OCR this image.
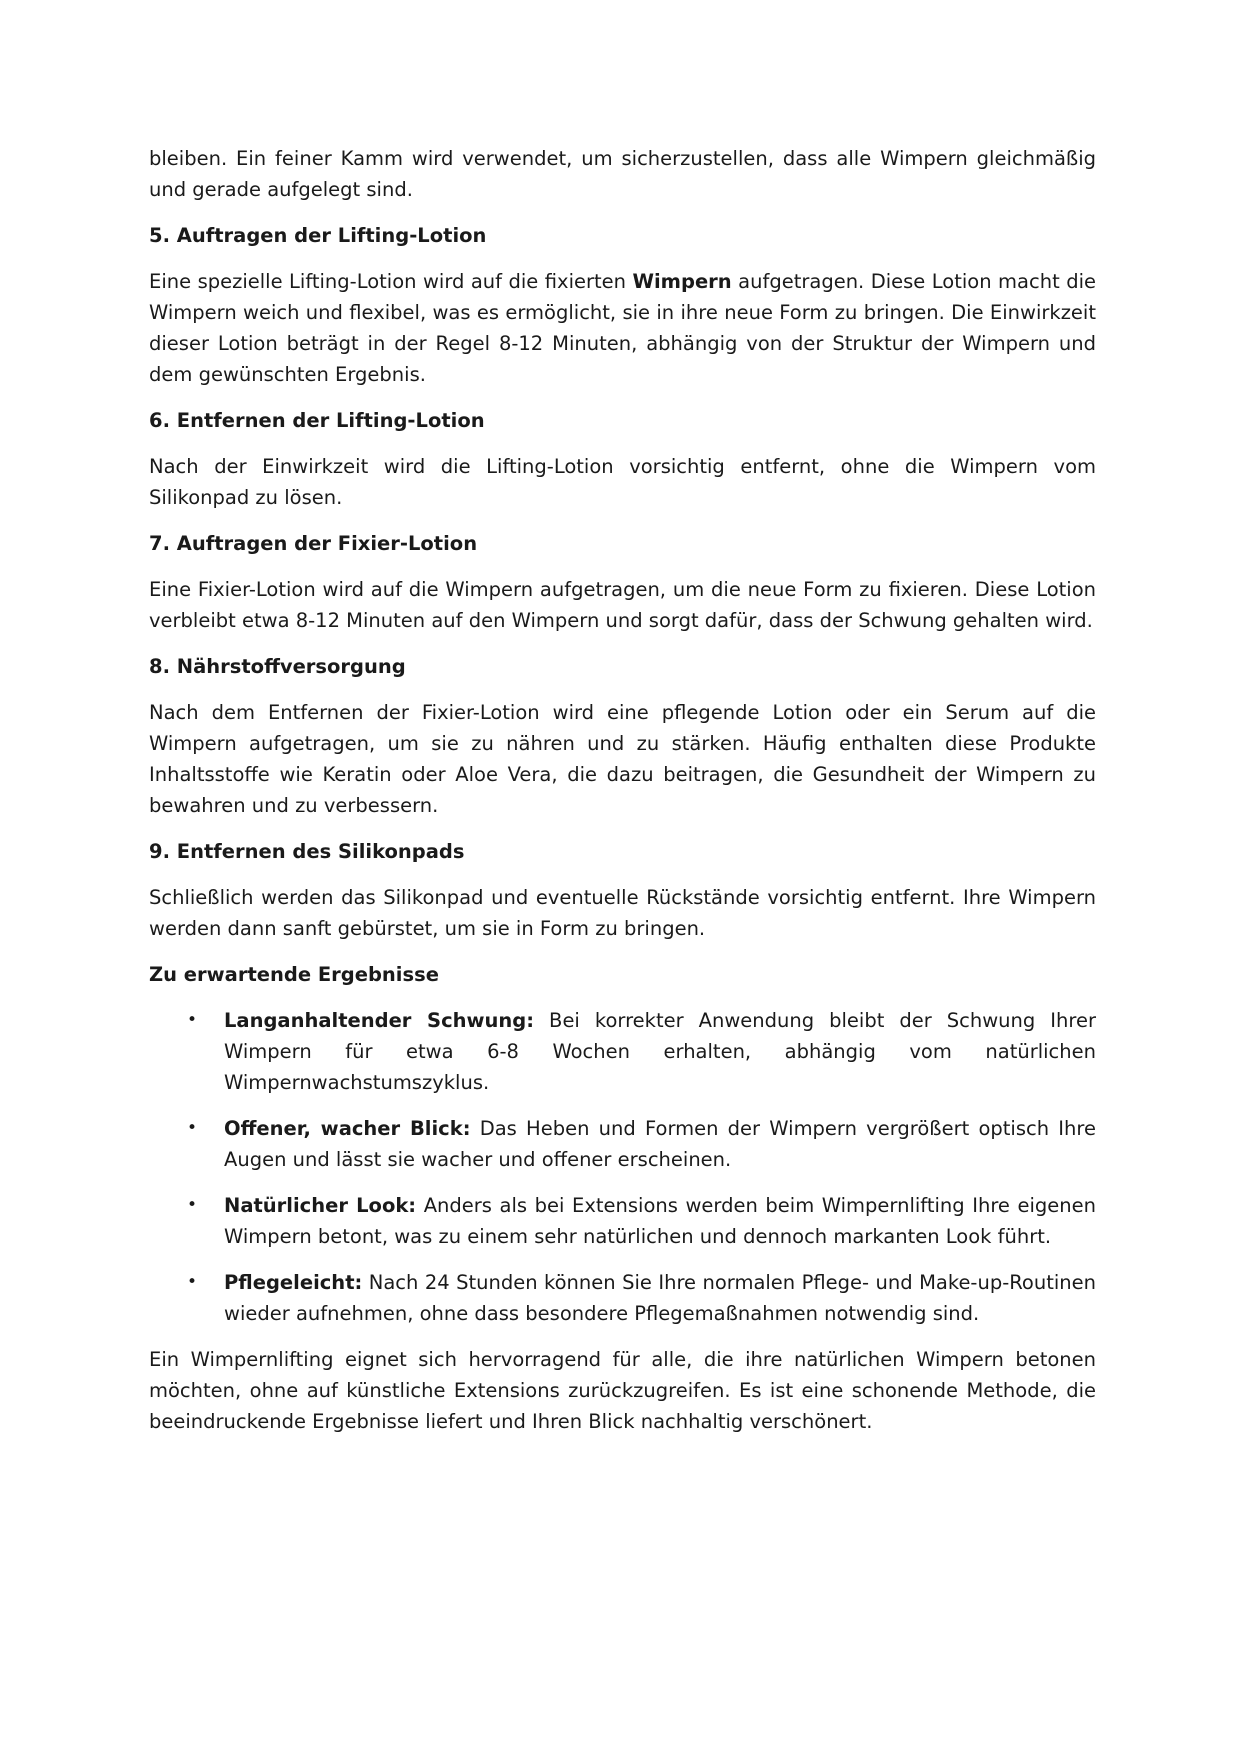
bleiben. Ein feiner Kamm wird verwendet, um sicherzustellen, dass alle Wimpern gleichmäßig und gerade aufgelegt sind.

5. Auftragen der Lifting-Lotion

Eine spezielle Lifting-Lotion wird auf die fixierten Wimpern aufgetragen. Diese Lotion macht die Wimpern weich und flexibel, was es ermöglicht, sie in ihre neue Form zu bringen. Die Einwirkzeit dieser Lotion beträgt in der Regel 8-12 Minuten, abhängig von der Struktur der Wimpern und dem gewünschten Ergebnis.

6. Entfernen der Lifting-Lotion

Nach der Einwirkzeit wird die Lifting-Lotion vorsichtig entfernt, ohne die Wimpern vom Silikonpad zu lösen.

7. Auftragen der Fixier-Lotion

Eine Fixier-Lotion wird auf die Wimpern aufgetragen, um die neue Form zu fixieren. Diese Lotion verbleibt etwa 8-12 Minuten auf den Wimpern und sorgt dafür, dass der Schwung gehalten wird.

8. Nährstoffversorgung

Nach dem Entfernen der Fixier-Lotion wird eine pflegende Lotion oder ein Serum auf die Wimpern aufgetragen, um sie zu nähren und zu stärken. Häufig enthalten diese Produkte Inhaltsstoffe wie Keratin oder Aloe Vera, die dazu beitragen, die Gesundheit der Wimpern zu bewahren und zu verbessern.

9. Entfernen des Silikonpads

Schließlich werden das Silikonpad und eventuelle Rückstände vorsichtig entfernt. Ihre Wimpern werden dann sanft gebürstet, um sie in Form zu bringen.

Zu erwartende Ergebnisse
• Langanhaltender Schwung: Bei korrekter Anwendung bleibt der Schwung Ihrer Wimpern für etwa 6-8 Wochen erhalten, abhängig vom natürlichen Wimpernwachstumszyklus.
• Offener, wacher Blick: Das Heben und Formen der Wimpern vergrößert optisch Ihre Augen und lässt sie wacher und offener erscheinen.
• Natürlicher Look: Anders als bei Extensions werden beim Wimpernlifting Ihre eigenen Wimpern betont, was zu einem sehr natürlichen und dennoch markanten Look führt.
• Pflegeleicht: Nach 24 Stunden können Sie Ihre normalen Pflege- und Make-up-Routinen wieder aufnehmen, ohne dass besondere Pflegemaßnahmen notwendig sind.

Ein Wimpernlifting eignet sich hervorragend für alle, die ihre natürlichen Wimpern betonen möchten, ohne auf künstliche Extensions zurückzugreifen. Es ist eine schonende Methode, die beeindruckende Ergebnisse liefert und Ihren Blick nachhaltig verschönert.
